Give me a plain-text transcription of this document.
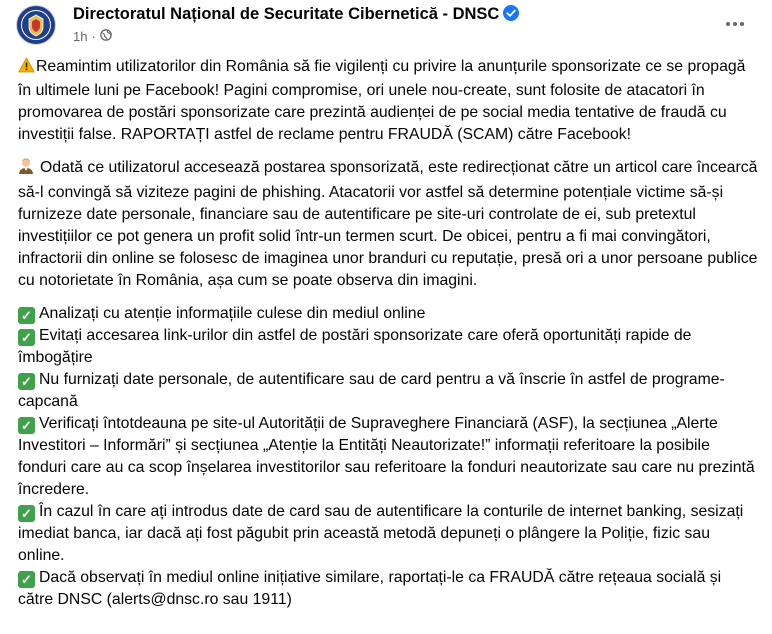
Directoratul Național de Securitate Cibernetică - DNSC
1h ·

Reamintim utilizatorilor din România să fie vigilenți cu privire la anunțurile sponsorizate ce se propagă în ultimele luni pe Facebook! Pagini compromise, ori unele nou-create, sunt folosite de atacatori în promovarea de postări sponsorizate care prezintă audienței de pe social media tentative de fraudă cu investiții false. RAPORTAȚI astfel de reclame pentru FRAUDĂ (SCAM) către Facebook!

Odată ce utilizatorul accesează postarea sponsorizată, este redirecționat către un articol care încearcă să-l convingă să viziteze pagini de phishing. Atacatorii vor astfel să determine potențiale victime să-și furnizeze date personale, financiare sau de autentificare pe site-uri controlate de ei, sub pretextul investițiilor ce pot genera un profit solid într-un termen scurt. De obicei, pentru a fi mai convingători, infractorii din online se folosesc de imaginea unor branduri cu reputație, presă ori a unor persoane publice cu notorietate în România, așa cum se poate observa din imagini.

✓ Analizați cu atenție informațiile culese din mediul online

✓ Evitați accesarea link-urilor din astfel de postări sponsorizate care oferă oportunități rapide de îmbogățire

✓ Nu furnizați date personale, de autentificare sau de card pentru a vă înscrie în astfel de programe-capcană

✓ Verificați întotdeauna pe site-ul Autorității de Supraveghere Financiară (ASF), la secțiunea „Alerte Investitori – Informări” și secțiunea „Atenție la Entități Neautorizate!” informații referitoare la posibile fonduri care au ca scop înșelarea investitorilor sau referitoare la fonduri neautorizate sau care nu prezintă încredere.

✓ În cazul în care ați introdus date de card sau de autentificare la conturile de internet banking, sesizați imediat banca, iar dacă ați fost păgubit prin această metodă depuneți o plângere la Poliție, fizic sau online.

✓ Dacă observați în mediul online inițiative similare, raportați-le ca FRAUDĂ către rețeaua socială și către DNSC (alerts@dnsc.ro sau 1911)
